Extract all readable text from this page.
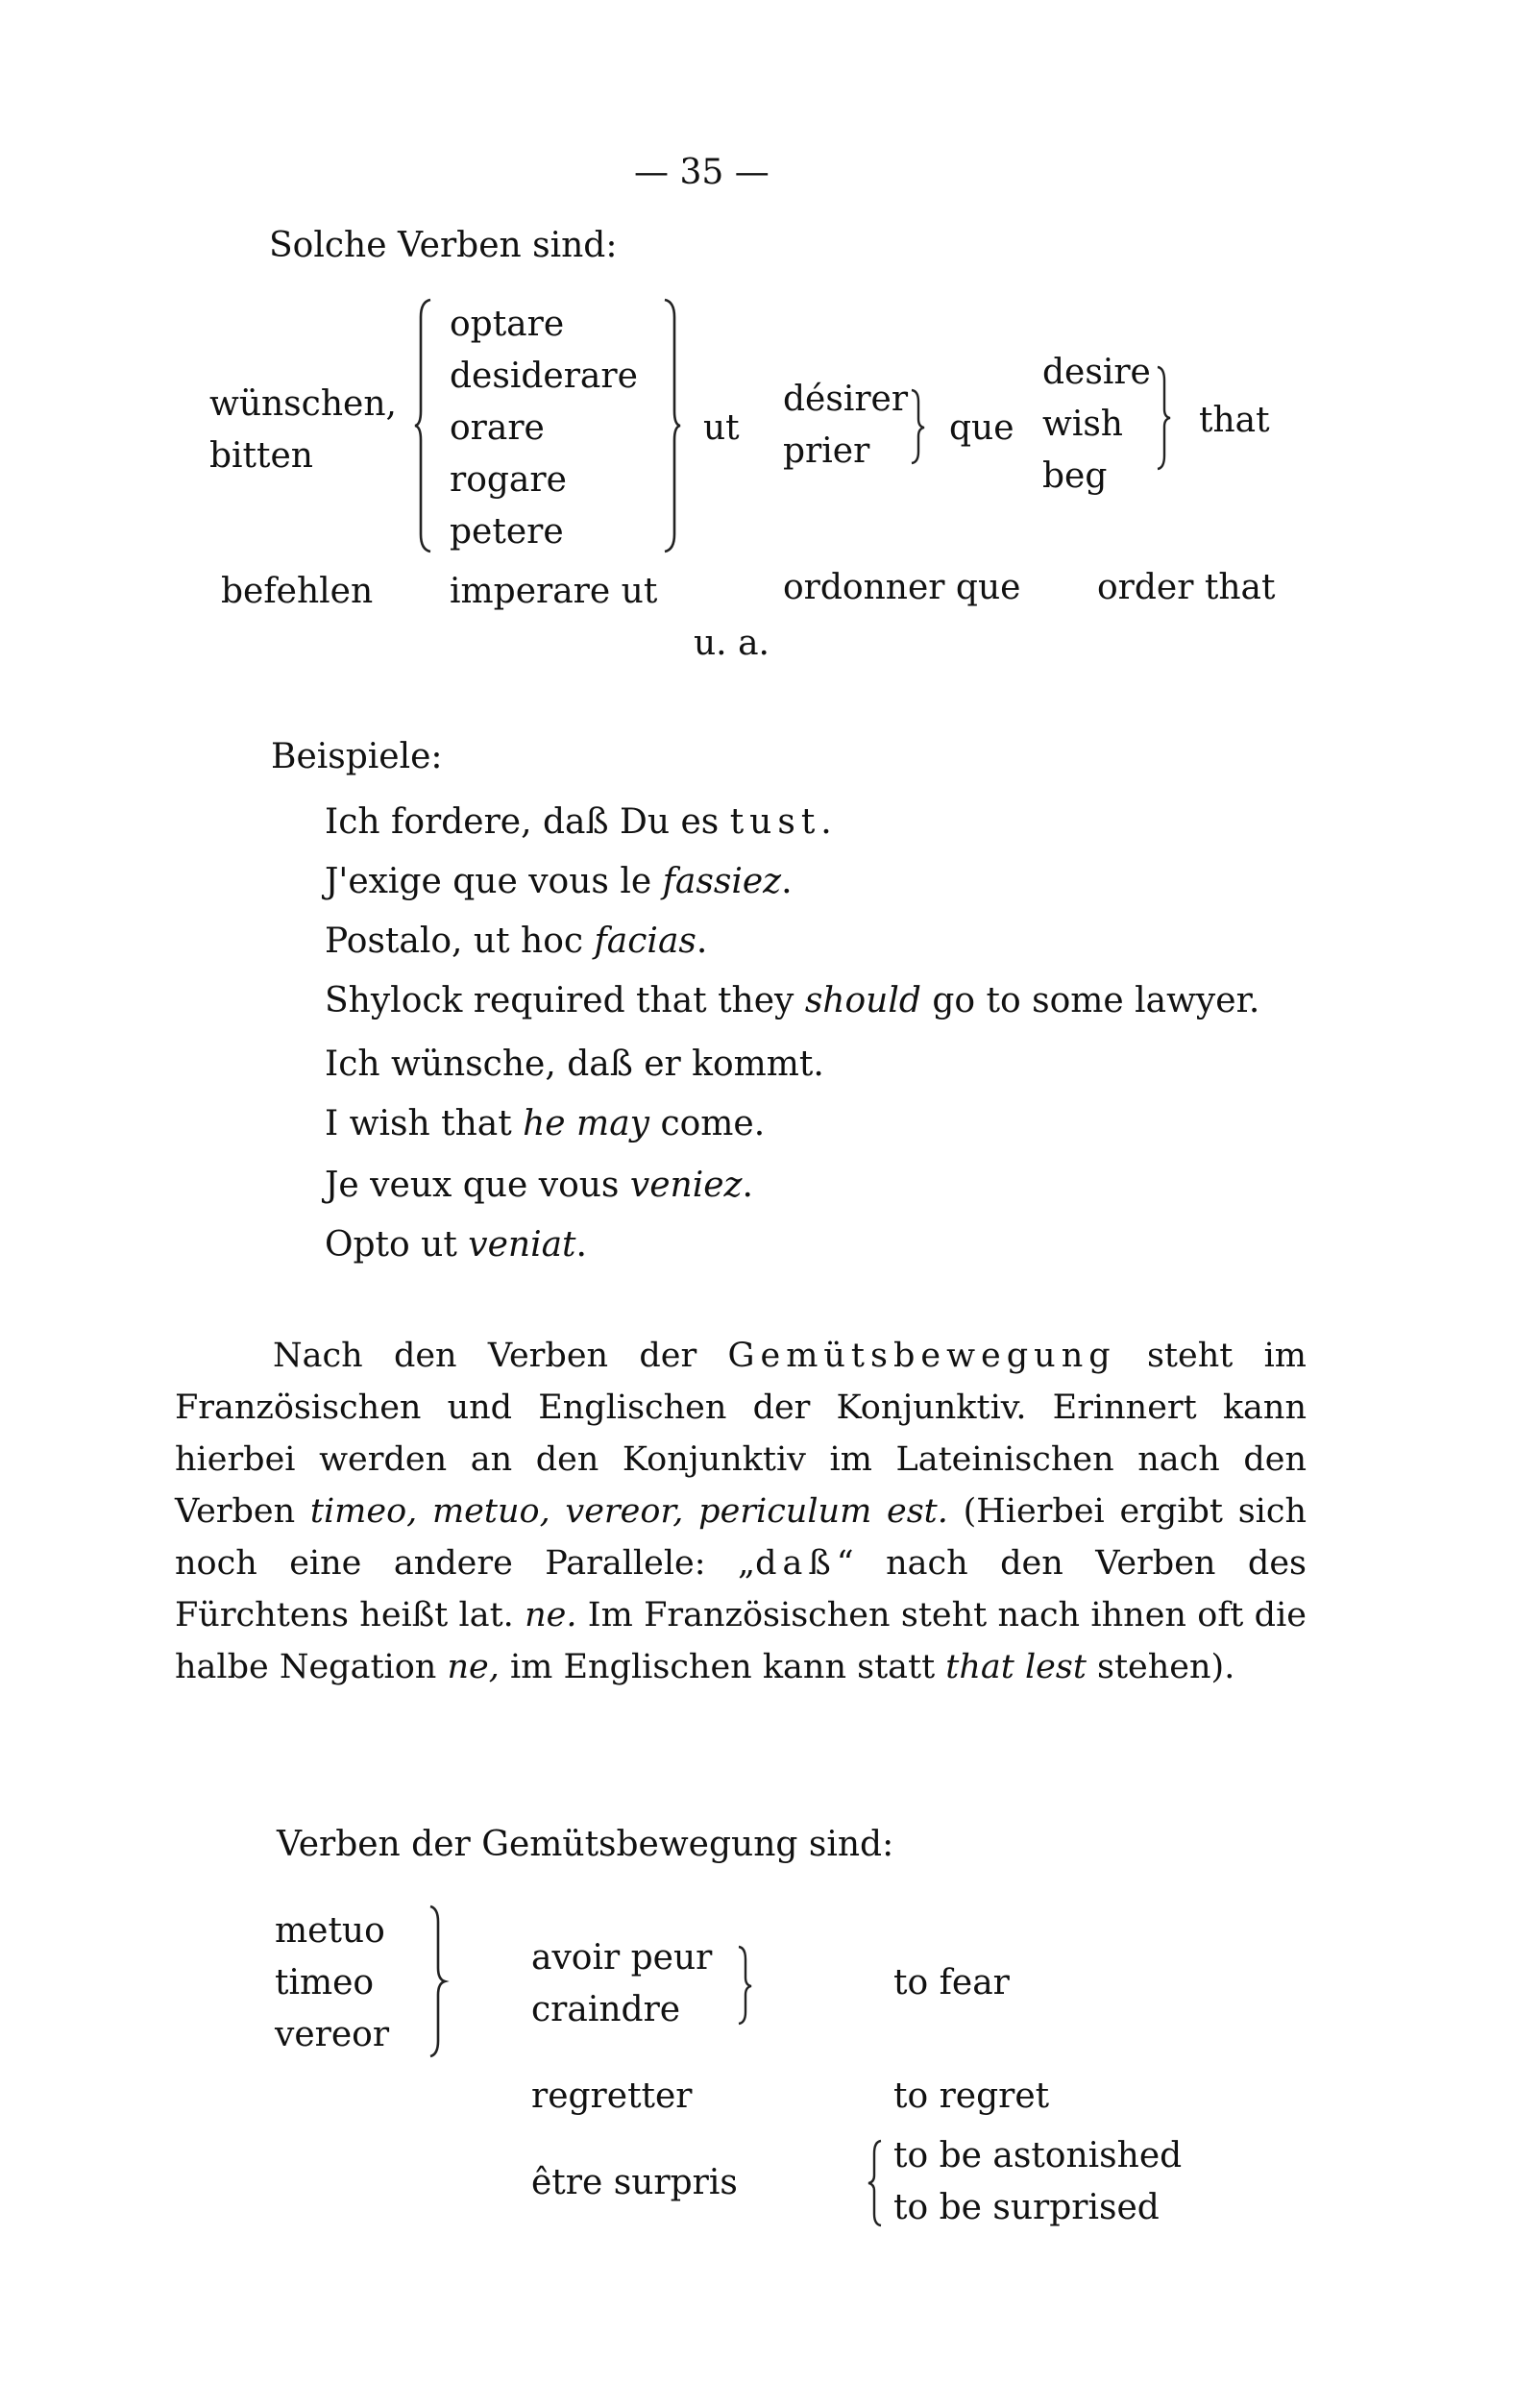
— 35 —
Solche Verben sind:
wünschen,
bitten
optare
desiderare
orare
rogare
petere
ut
désirer
prier
que
desire
wish
beg
that
befehlen imperare ut	ordonner que order that
u. a.
Beispiele:
Ich fordere, daß Du es tust.
J'exige que vous le fassiez.
Postalo, ut hoc facias.
Shylock required that they should go to some lawyer.
Ich wünsche, daß er kommt.
I wish that he may come.
Je veux que vous veniez.
Opto ut veniat.

Nach den Verben der Gemütsbewegung steht im Französischen und Englischen der Konjunktiv. Erinnert kann hierbei werden an den Konjunktiv im Lateinischen nach den Verben timeo, metuo, vereor, periculum est. (Hierbei ergibt sich noch eine andere Parallele: „daß“ nach den Verben des Fürchtens heißt lat. ne. Im Französischen steht nach ihnen oft die halbe Negation ne, im Englischen kann statt that lest stehen).

Verben der Gemütsbewegung sind:
metuo
timeo
vereor
avoir peur
craindre
to fear
regretter	to regret
être surpris
to be astonished
to be surprised
